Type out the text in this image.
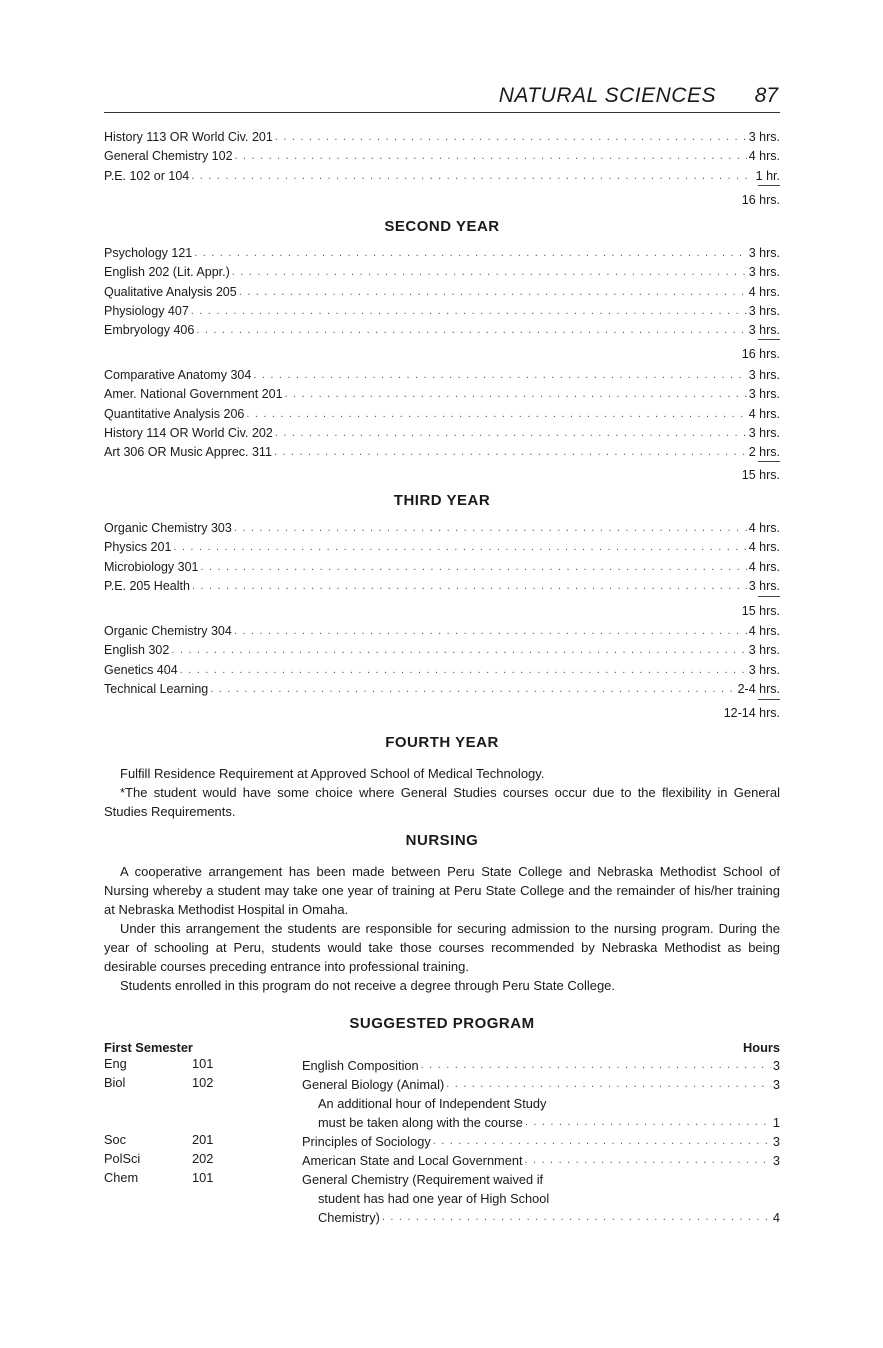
NATURAL SCIENCES 87
History 113 OR World Civ. 201 . . .	3 hrs.
General Chemistry 102 . . .	4 hrs.
P.E. 102 or 104 . . .	1 hr.
16 hrs.
SECOND YEAR
Psychology 121 . . .	3 hrs.
English 202 (Lit. Appr.) . . .	3 hrs.
Qualitative Analysis 205 . . .	4 hrs.
Physiology 407 . . .	3 hrs.
Embryology 406 . . .	3 hrs.
16 hrs.
Comparative Anatomy 304 . . .	3 hrs.
Amer. National Government 201 . . .	3 hrs.
Quantitative Analysis 206 . . .	4 hrs.
History 114 OR World Civ. 202 . . .	3 hrs.
Art 306 OR Music Apprec. 311 . . .	2 hrs.
15 hrs.
THIRD YEAR
Organic Chemistry 303 . . .	4 hrs.
Physics 201 . . .	4 hrs.
Microbiology 301 . . .	4 hrs.
P.E. 205 Health . . .	3 hrs.
15 hrs.
Organic Chemistry 304 . . .	4 hrs.
English 302 . . .	3 hrs.
Genetics 404 . . .	3 hrs.
Technical Learning . . .	2-4 hrs.
12-14 hrs.
FOURTH YEAR

Fulfill Residence Requirement at Approved School of Medical Technology.

*The student would have some choice where General Studies courses occur due to the flexibility in General Studies Requirements.

NURSING

A cooperative arrangement has been made between Peru State College and Nebraska Methodist School of Nursing whereby a student may take one year of training at Peru State College and the remainder of his/her training at Nebraska Methodist Hospital in Omaha.

Under this arrangement the students are responsible for securing admission to the nursing program. During the year of schooling at Peru, students would take those courses recommended by Nebraska Methodist as being desirable courses preceding entrance into professional training.

Students enrolled in this program do not receive a degree through Peru State College.

SUGGESTED PROGRAM
First Semester	Hours
Eng	101	English Composition . . .	3
Biol	102	General Biology (Animal) . . .	3
An additional hour of Independent Study
must be taken along with the course . . .	1
Soc	201	Principles of Sociology . . .	3
PolSci	202	American State and Local Government . . .	3
Chem	101	General Chemistry (Requirement waived if
student has had one year of High School
Chemistry) . . .	4
